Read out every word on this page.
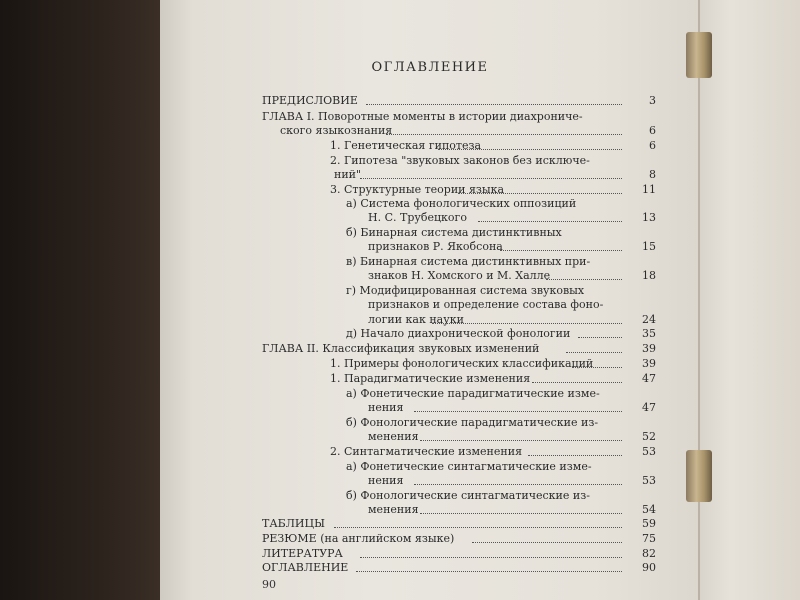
ОГЛАВЛЕНИЕ
ПРЕДИСЛОВИЕ	3
ГЛАВА I. Поворотные моменты в истории диахрониче-
ского языкознания	6
1. Генетическая гипотеза	6
2. Гипотеза "звуковых законов без исключе-
ний"	8
3. Структурные теории языка	11
а) Система фонологических оппозиций
Н. С. Трубецкого	13
б) Бинарная система дистинктивных
признаков Р. Якобсона	15
в) Бинарная система дистинктивных при-
знаков Н. Хомского и М. Халле	18
г) Модифицированная система звуковых
признаков и определение состава фоно-
логии как науки	24
д) Начало диахронической фонологии	35
ГЛАВА II. Классификация звуковых изменений	39
1. Примеры фонологических классификаций	39
1. Парадигматические изменения	47
а) Фонетические парадигматические изме-
нения	47
б) Фонологические парадигматические из-
менения	52
2. Синтагматические изменения	53
а) Фонетические синтагматические изме-
нения	53
б) Фонологические синтагматические из-
менения	54
ТАБЛИЦЫ	59
РЕЗЮМЕ (на английском языке)	75
ЛИТЕРАТУРА	82
ОГЛАВЛЕНИЕ	90
90
